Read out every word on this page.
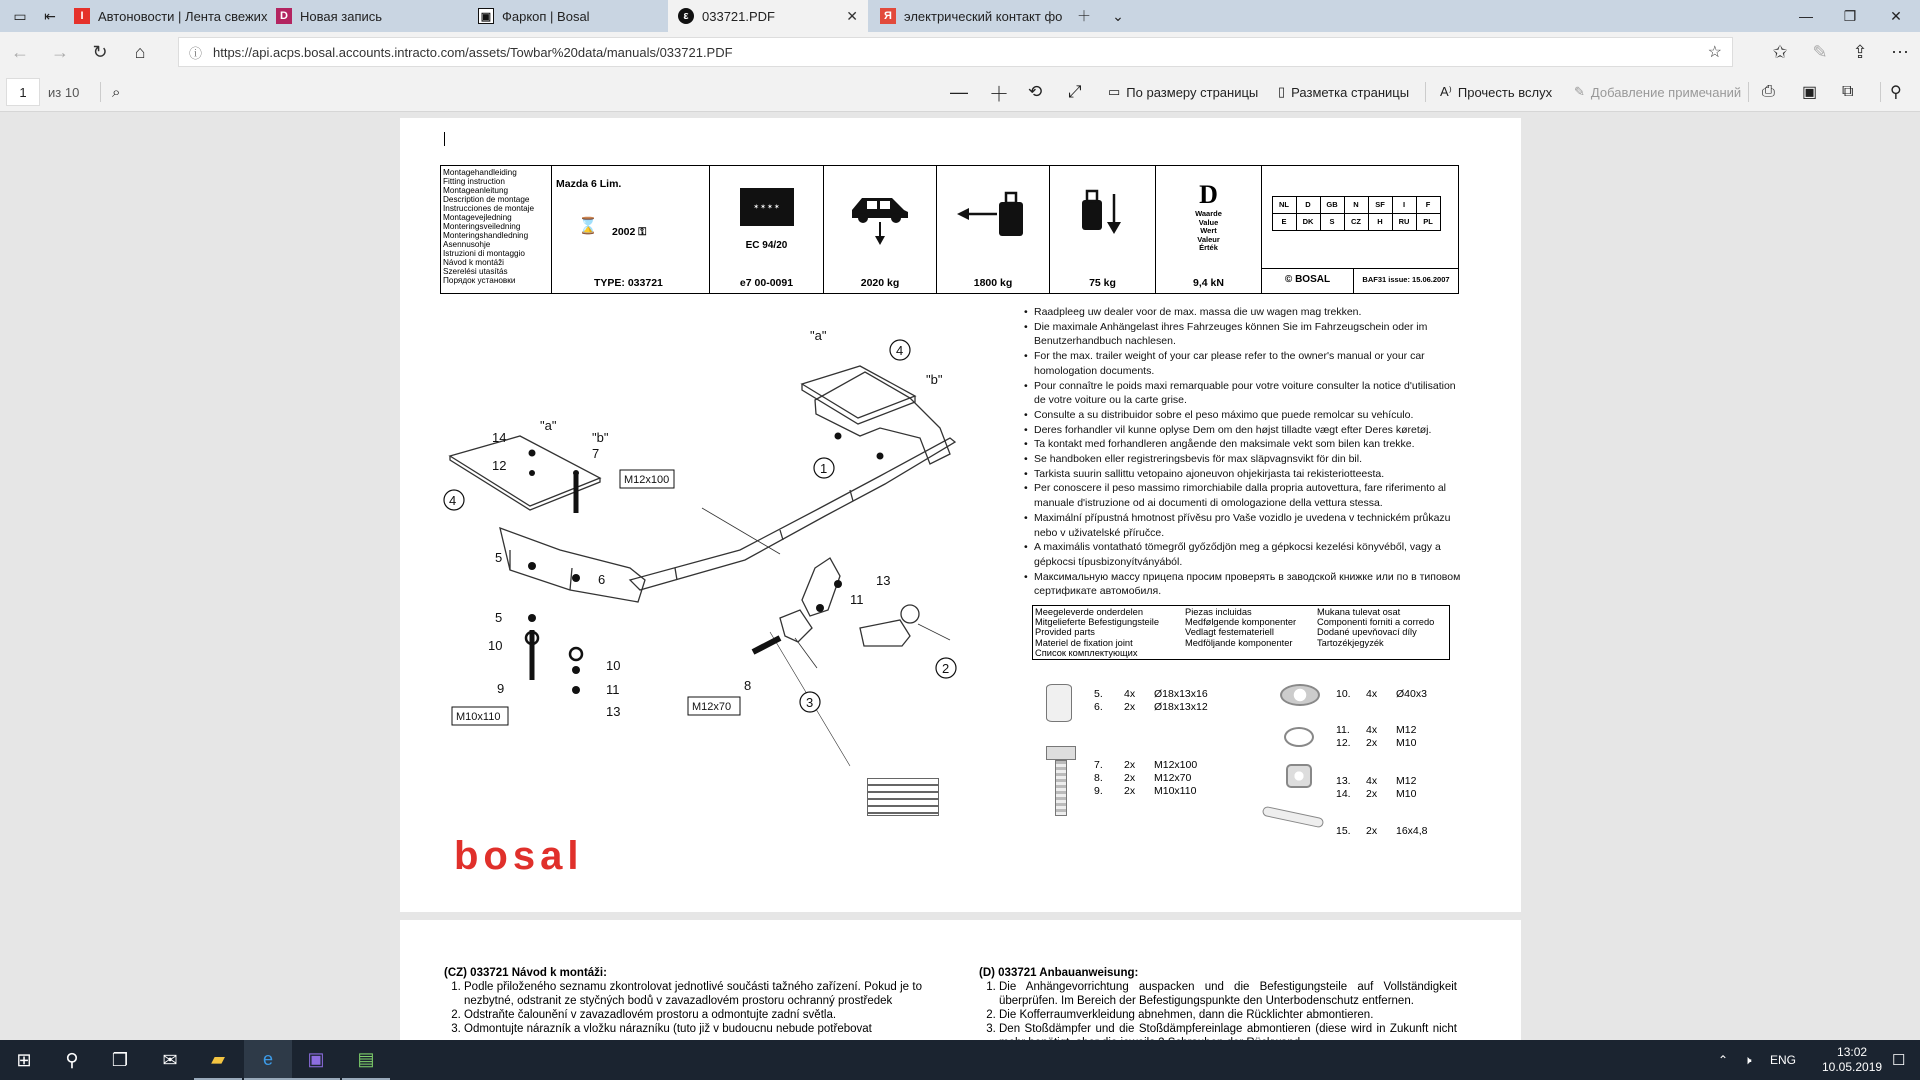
▭	⇤	I	Автоновости | Лента свежих	D Новая запись	▣ Фаркоп | Bosal	ε	033721.PDF	✕	Я электрический контакт фо	＋	⌄	—	❐	✕
← →	↻	⌂	ⓘ https://api.acps.bosal.accounts.intracto.com/assets/Towbar%20data/manuals/033721.PDF	☆	✩	✎	⇪	⋯
1 из 10 ⌕	— ＋ ⟲ ⤢ ▭ По размеру страницы ▯ Разметка страницы A⁾ Прочесть вслух ✎ Добавление примечаний ⎙ ▣ ⧉ ⚲
Montagehandleiding
Fitting instruction
Montageanleitung
Description de montage
Instrucciones de montaje
Montagevejledning
Monteringsveiledning
Monteringshandledning
Asennusohje
Istruzioni di montaggio
Návod k montáži
Szerelési utasítás
Порядок установки

Mazda 6 Lim.
⌛ 2002 ⚿
TYPE: 033721

✶✶✶✶
EC 94/20
e7 00-0091	2020 kg	1800 kg	75 kg

D
Waarde
Value
Wert
Valeur
Érték
9,4 kN

NL	D	GB	N	SF	I	F
E	DK	S	CZ	H	RU	PL
© BOSAL	BAF31 issue: 15.06.2007
4
1
2
3
4
14
12
5
5
10
9
7
6
10
11
13
13
11
8
"a"
"b"
"a"
"b"
M12x100
M10x110
M12x70
bosal
• Raadpleeg uw dealer voor de max. massa die uw wagen mag trekken.
• Die maximale Anhängelast ihres Fahrzeuges können Sie im Fahrzeugschein oder im Benutzerhandbuch nachlesen.
• For the max. trailer weight of your car please refer to the owner's manual or your car homologation documents.
• Pour connaître le poids maxi remarquable pour votre voiture consulter la notice d'utilisation de votre voiture ou la carte grise.
• Consulte a su distribuidor sobre el peso máximo que puede remolcar su vehículo.
• Deres forhandler vil kunne oplyse Dem om den højst tilladte vægt efter Deres køretøj.
• Ta kontakt med forhandleren angående den maksimale vekt som bilen kan trekke.
• Se handboken eller registreringsbevis för max släpvagnsvikt för din bil.
• Tarkista suurin sallittu vetopaino ajoneuvon ohjekirjasta tai rekisteriotteesta.
• Per conoscere il peso massimo rimorchiabile dalla propria autovettura, fare riferimento al manuale d'istruzione od ai documenti di omologazione della vettura stessa.
• Maximální přípustná hmotnost přívěsu pro Vaše vozidlo je uvedena v technickém průkazu nebo v uživatelské příručce.
• A maximális vontatható tömegről győződjön meg a gépkocsi kezelési könyvéből, vagy a gépkocsi típusbizonyítványából.
• Максимальную массу прицепа просим проверять в заводской книжке или по в типовом сертификате автомобиля.
Meegeleverde onderdelen	Piezas incluidas	Mukana tulevat osat
Mitgelieferte Befestigungsteile	Medfølgende komponenter	Componenti forniti a corredo
Provided parts	Vedlagt festemateriell	Dodané upevňovací díly
Materiel de fixation joint	Medföljande komponenter	Tartozékjegyzék
Список комплектующих
5.	4x	Ø18x13x16
6.	2x	Ø18x13x12
7.	2x	M12x100
8.	2x	M12x70
9.	2x	M10x110
10.	4x	Ø40x3
11.	4x	M12
12.	2x	M10
13.	4x	M12
14.	2x	M10
15.	2x	16x4,8
(CZ) 033721 Návod k montáži:
1. Podle přiloženého seznamu zkontrolovat jednotlivé součásti tažného zařízení. Pokud je to nezbytné, odstranit ze styčných bodů v zavazadlovém prostoru ochranný prostředek
2. Odstraňte čalounění v zavazadlovém prostoru a odmontujte zadní světla.
3. Odmontujte nárazník a vložku nárazníku (tuto již v budoucnu nebude potřebovat
(D) 033721 Anbauanweisung:
1. Die Anhängevorrichtung auspacken und die Befestigungsteile auf Vollständigkeit überprüfen. Im Bereich der Befestigungspunkte den Unterbodenschutz entfernen.
2. Die Kofferraumverkleidung abnehmen, dann die Rücklichter abmontieren.
3. Den Stoßdämpfer und die Stoßdämpfereinlage abmontieren (diese wird in Zukunft nicht
⊞	⚲	❐	✉	▰	e	▣	▤	⌃ 🕨 ENG
13:02
10.05.2019 ☐
